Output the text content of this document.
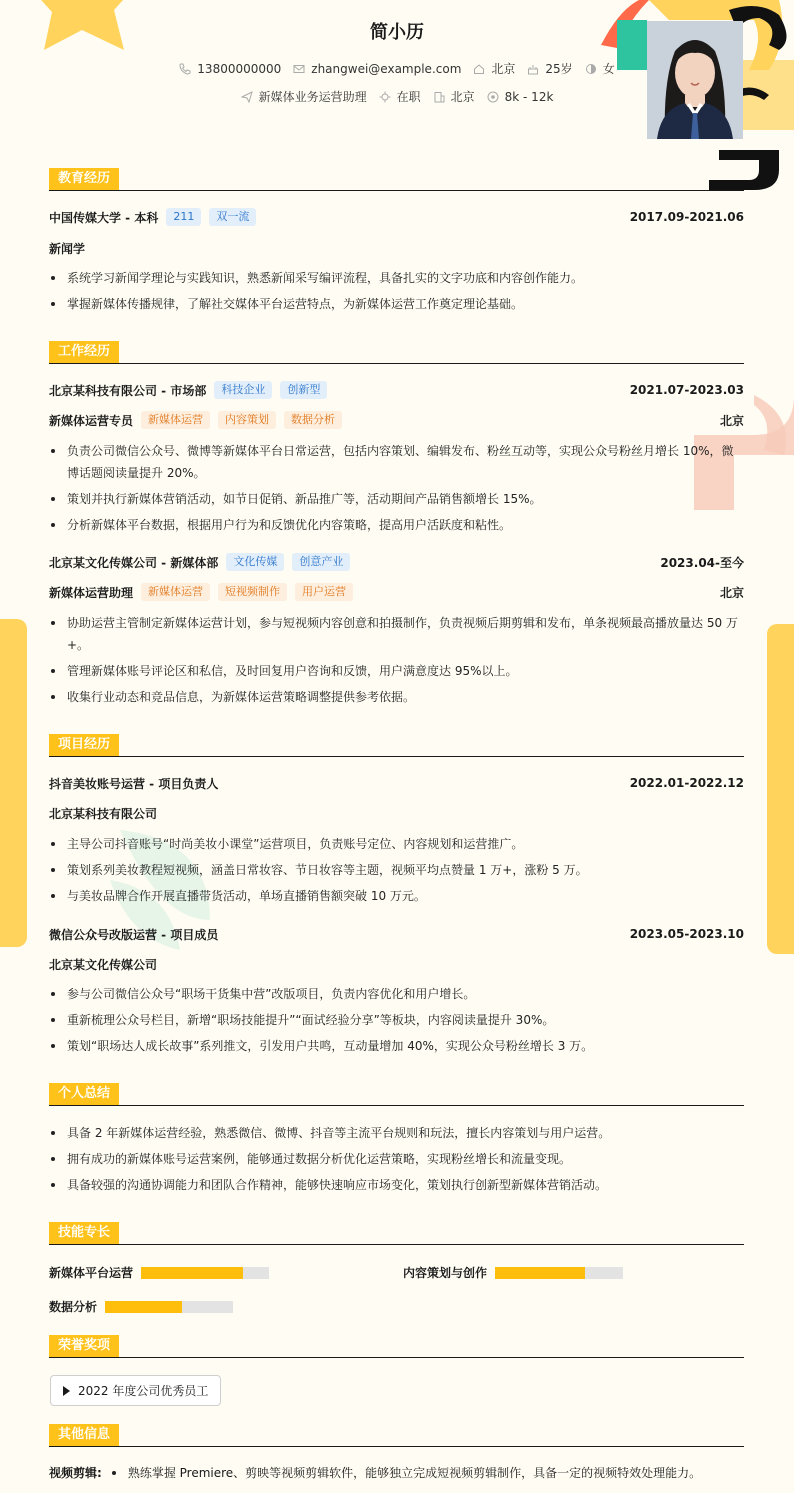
简小历
13800000000	zhangwei@example.com	北京	25岁	女
新媒体业务运营助理	在职	北京	8k - 12k
教育经历
中国传媒大学 - 本科	211	双一流	2017.09-2021.06
新闻学
系统学习新闻学理论与实践知识，熟悉新闻采写编评流程，具备扎实的文字功底和内容创作能力。
掌握新媒体传播规律，了解社交媒体平台运营特点，为新媒体运营工作奠定理论基础。
工作经历
北京某科技有限公司 - 市场部	科技企业	创新型	2021.07-2023.03
新媒体运营专员	新媒体运营	内容策划	数据分析	北京
负责公司微信公众号、微博等新媒体平台日常运营，包括内容策划、编辑发布、粉丝互动等，实现公众号粉丝月增长 10%，微博话题阅读量提升 20%。
策划并执行新媒体营销活动，如节日促销、新品推广等，活动期间产品销售额增长 15%。
分析新媒体平台数据，根据用户行为和反馈优化内容策略，提高用户活跃度和粘性。
北京某文化传媒公司 - 新媒体部	文化传媒	创意产业	2023.04-至今
新媒体运营助理	新媒体运营	短视频制作	用户运营	北京
协助运营主管制定新媒体运营计划，参与短视频内容创意和拍摄制作，负责视频后期剪辑和发布，单条视频最高播放量达 50 万+。
管理新媒体账号评论区和私信，及时回复用户咨询和反馈，用户满意度达 95%以上。
收集行业动态和竞品信息，为新媒体运营策略调整提供参考依据。
项目经历
抖音美妆账号运营 - 项目负责人	2022.01-2022.12
北京某科技有限公司
主导公司抖音账号“时尚美妆小课堂”运营项目，负责账号定位、内容规划和运营推广。
策划系列美妆教程短视频，涵盖日常妆容、节日妆容等主题，视频平均点赞量 1 万+，涨粉 5 万。
与美妆品牌合作开展直播带货活动，单场直播销售额突破 10 万元。
微信公众号改版运营 - 项目成员	2023.05-2023.10
北京某文化传媒公司
参与公司微信公众号“职场干货集中营”改版项目，负责内容优化和用户增长。
重新梳理公众号栏目，新增“职场技能提升”“面试经验分享”等板块，内容阅读量提升 30%。
策划“职场达人成长故事”系列推文，引发用户共鸣，互动量增加 40%，实现公众号粉丝增长 3 万。
个人总结
具备 2 年新媒体运营经验，熟悉微信、微博、抖音等主流平台规则和玩法，擅长内容策划与用户运营。
拥有成功的新媒体账号运营案例，能够通过数据分析优化运营策略，实现粉丝增长和流量变现。
具备较强的沟通协调能力和团队合作精神，能够快速响应市场变化，策划执行创新型新媒体营销活动。
技能专长
新媒体平台运营	内容策划与创作
数据分析
荣誉奖项
2022 年度公司优秀员工
其他信息
视频剪辑: 熟练掌握 Premiere、剪映等视频剪辑软件，能够独立完成短视频剪辑制作，具备一定的视频特效处理能力。
